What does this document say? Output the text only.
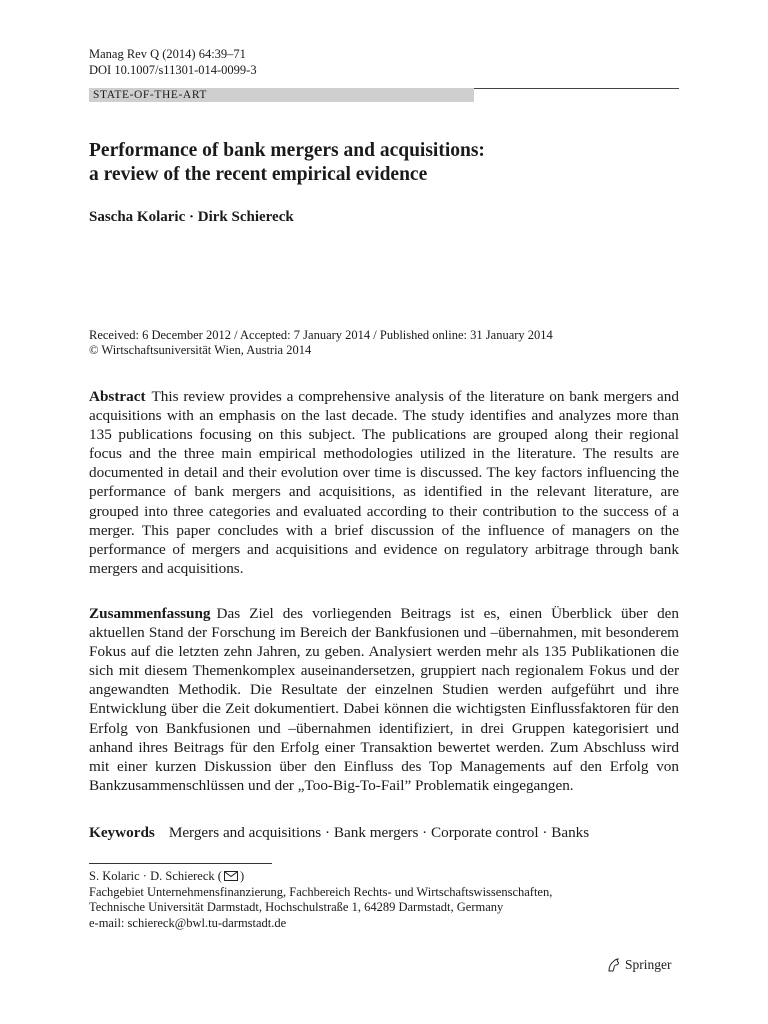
Manag Rev Q (2014) 64:39–71
DOI 10.1007/s11301-014-0099-3
STATE-OF-THE-ART
Performance of bank mergers and acquisitions:
a review of the recent empirical evidence
Sascha Kolaric · Dirk Schiereck
Received: 6 December 2012 / Accepted: 7 January 2014 / Published online: 31 January 2014
© Wirtschaftsuniversität Wien, Austria 2014
Abstract This review provides a comprehensive analysis of the literature on bank mergers and acquisitions with an emphasis on the last decade. The study identifies and analyzes more than 135 publications focusing on this subject. The publications are grouped along their regional focus and the three main empirical methodologies utilized in the literature. The results are documented in detail and their evolution over time is discussed. The key factors influencing the performance of bank mergers and acquisitions, as identified in the relevant literature, are grouped into three categories and evaluated according to their contribution to the success of a merger. This paper concludes with a brief discussion of the influence of managers on the performance of mergers and acquisitions and evidence on regulatory arbitrage through bank mergers and acquisitions.
Zusammenfassung Das Ziel des vorliegenden Beitrags ist es, einen Überblick über den aktuellen Stand der Forschung im Bereich der Bankfusionen und –übernahmen, mit besonderem Fokus auf die letzten zehn Jahren, zu geben. Analysiert werden mehr als 135 Publikationen die sich mit diesem Themenkomplex auseinandersetzen, gruppiert nach regionalem Fokus und der angewandten Methodik. Die Resultate der einzelnen Studien werden aufgeführt und ihre Entwicklung über die Zeit dokumentiert. Dabei können die wichtigsten Einflussfaktoren für den Erfolg von Bankfusionen und –übernahmen identifiziert, in drei Gruppen kategorisiert und anhand ihres Beitrags für den Erfolg einer Transaktion bewertet werden. Zum Abschluss wird mit einer kurzen Diskussion über den Einfluss des Top Managements auf den Erfolg von Bankzusammenschlüssen und der „Too-Big-To-Fail” Problematik eingegangen.
Keywords Mergers and acquisitions · Bank mergers · Corporate control · Banks
S. Kolaric · D. Schiereck ( )
Fachgebiet Unternehmensfinanzierung, Fachbereich Rechts- und Wirtschaftswissenschaften,
Technische Universität Darmstadt, Hochschulstraße 1, 64289 Darmstadt, Germany
e-mail: schiereck@bwl.tu-darmstadt.de
Springer
